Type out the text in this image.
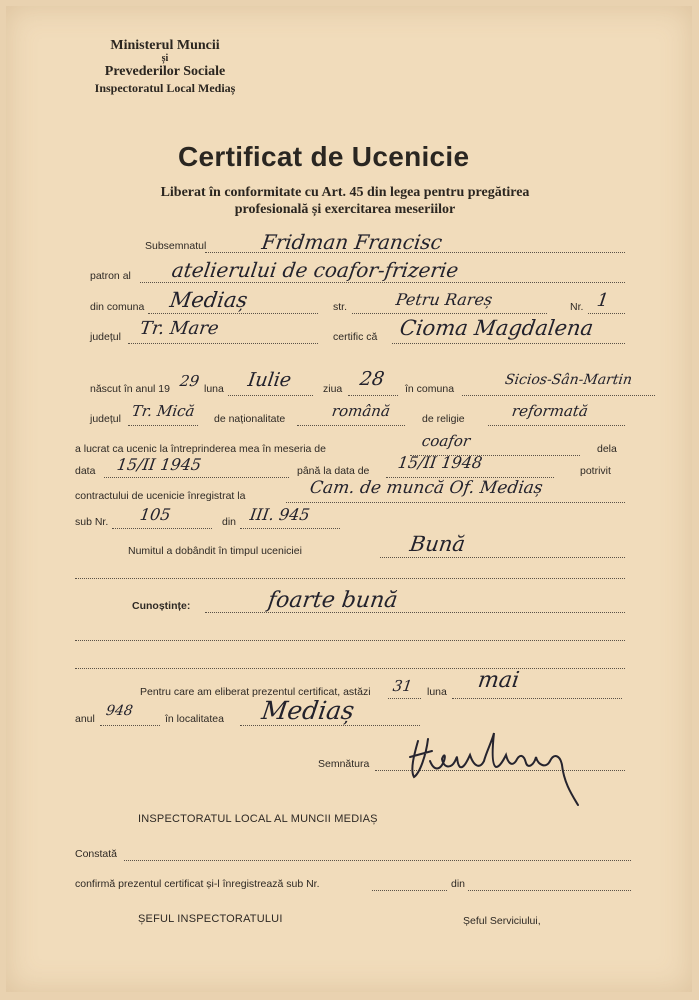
Ministerul Muncii
și
Prevederilor Sociale
Inspectoratul Local Mediaș
Certificat de Ucenicie
Liberat în conformitate cu Art. 45 din legea pentru pregătirea
profesională și exercitarea meseriilor
Subsemnatul	Fridman Francisc
patron al atelierului de coafor-frizerie
din comuna Mediaș	str.	Petru Rareș	Nr. 1
județul Tr. Mare	certific că Cioma Magdalena
născut în anul 19 29 luna Iulie	ziua 28 în comuna
Sicios-Sân-Martin
județul Tr. Mică de naționalitate	română	de religie	reformată
a lucrat ca ucenic la întreprinderea mea în meseria de	coafor	dela
data 15/II 1945	până la data de 15/II 1948	potrivit
contractului de ucenicie înregistrat la	Cam. de muncă Of. Mediaș
sub Nr. 105	din III. 945
Numitul a dobândit în timpul uceniciei	Bună
Cunoștințe:	foarte bună
Pentru care am eliberat prezentul certificat, astăzi 31 luna mai
anul 948	în localitatea Mediaș
Semnătura
INSPECTORATUL LOCAL AL MUNCII MEDIAȘ
Constată
confirmă prezentul certificat și-l înregistrează sub Nr.	din
ȘEFUL INSPECTORATULUI	Șeful Serviciului,
